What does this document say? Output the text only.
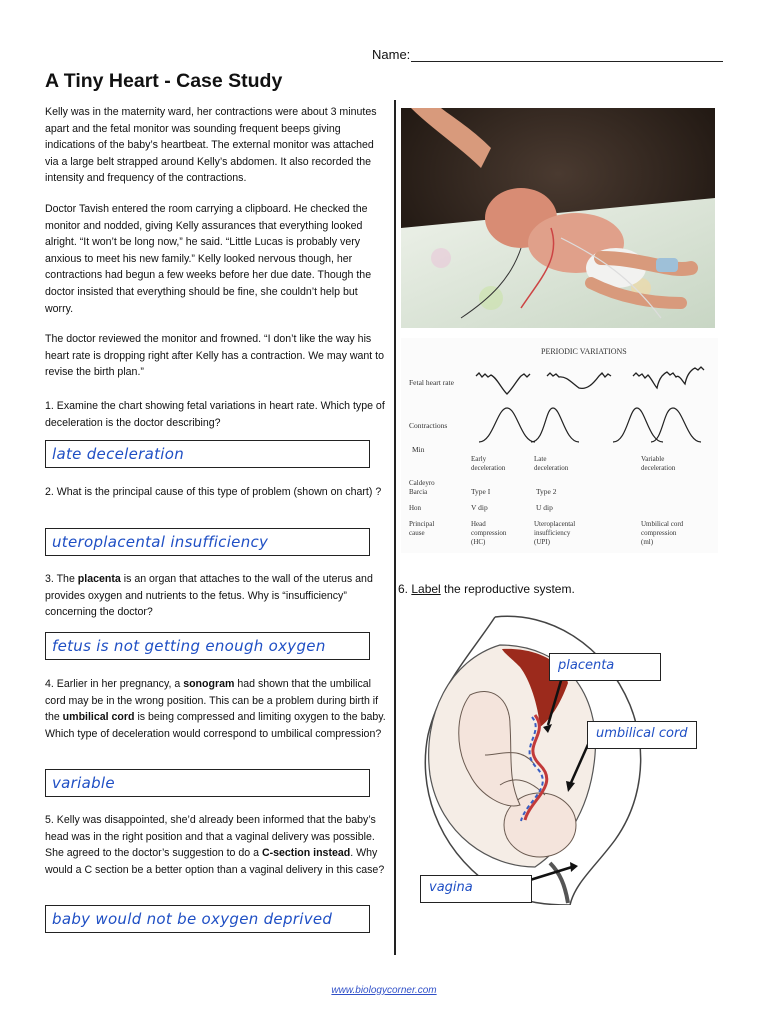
Name:
A Tiny Heart - Case Study

Kelly was in the maternity ward, her contractions were about 3 minutes apart and the fetal monitor was sounding frequent beeps giving indications of the baby’s heartbeat. The external monitor was attached via a large belt strapped around Kelly’s abdomen. It also recorded the intensity and frequency of the contractions.

Doctor Tavish entered the room carrying a clipboard. He checked the monitor and nodded, giving Kelly assurances that everything looked alright. “It won’t be long now,” he said. “Little Lucas is probably very anxious to meet his new family.” Kelly looked nervous though, her contractions had begun a few weeks before her due date. Though the doctor insisted that everything should be fine, she couldn’t help but worry.

The doctor reviewed the monitor and frowned. “I don’t like the way his heart rate is dropping right after Kelly has a contraction. We may want to revise the birth plan.”

1. Examine the chart showing fetal variations in heart rate. Which type of deceleration is the doctor describing?
late deceleration
2. What is the principal cause of this type of problem (shown on chart) ?
uteroplacental insufficiency
3. The placenta is an organ that attaches to the wall of the uterus and provides oxygen and nutrients to the fetus. Why is “insufficiency” concerning the doctor?
fetus is not getting enough oxygen
4. Earlier in her pregnancy, a sonogram had shown that the umbilical cord may be in the wrong position. This can be a problem during birth if the umbilical cord is being compressed and limiting oxygen to the baby. Which type of deceleration would correspond to umbilical compression?
variable
5. Kelly was disappointed, she’d already been informed that the baby’s head was in the right position and that a vaginal delivery was possible. She agreed to the doctor’s suggestion to do a C-section instead. Why would a C section be a better option than a vaginal delivery in this case?
baby would not be oxygen deprived
PERIODIC VARIATIONS
Fetal heart rate
Contractions
Min
Caldeyro
Barcia
Hon
Principal
cause
Early
deceleration
Late
deceleration
Variable
deceleration
Type I	Type 2
V dip	U dip
Head
compression
(HC)
Uteroplacental
insufficiency
(UPI)
Umbilical cord
compression
(ml)
6. Label the reproductive system.
placenta
umbilical cord
vagina
www.biologycorner.com
